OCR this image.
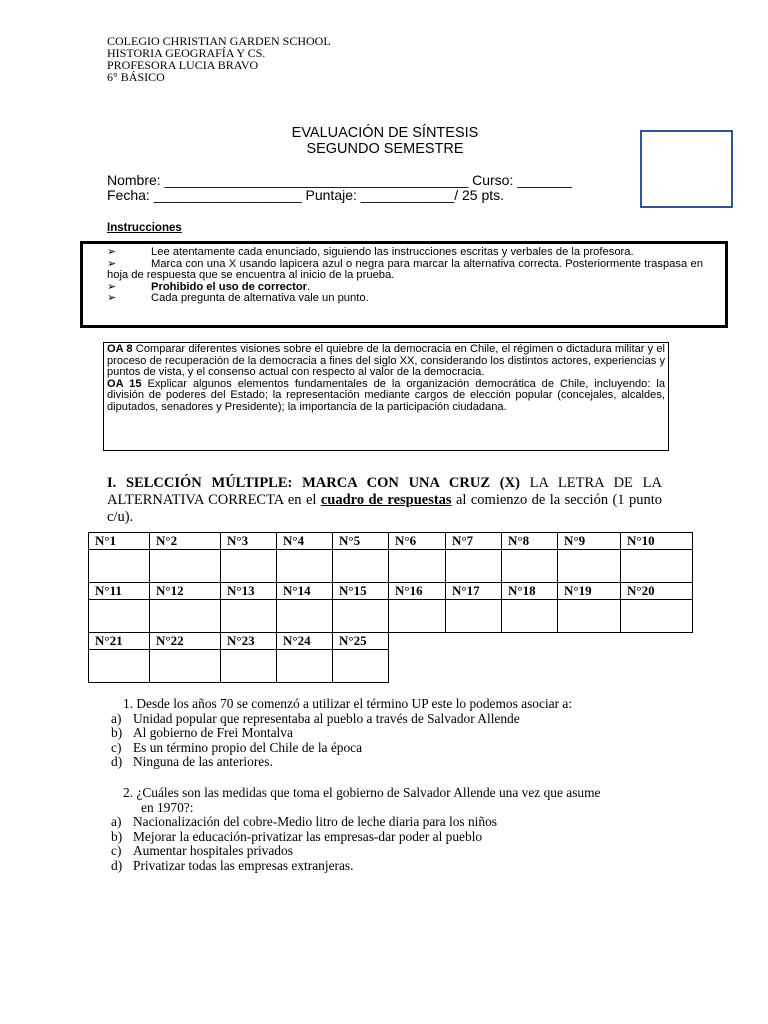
COLEGIO CHRISTIAN GARDEN SCHOOL
HISTORIA GEOGRAFÍA Y CS.
PROFESORA LUCIA BRAVO
6° BÁSICO
EVALUACIÓN DE SÍNTESIS
SEGUNDO SEMESTRE
Nombre: _______________________________________ Curso: _______
Fecha: ___________________ Puntaje: ____________/ 25 pts.
Instrucciones
➢	Lee atentamente cada enunciado, siguiendo las instrucciones escritas y verbales de la profesora.
➢	Marca con una X usando lapicera azul o negra para marcar la alternativa correcta. Posteriormente traspasa en hoja de respuesta que se encuentra al inicio de la prueba.
➢	Prohibido el uso de corrector.
➢	Cada pregunta de alternativa vale un punto.
OA 8 Comparar diferentes visiones sobre el quiebre de la democracia en Chile, el régimen o dictadura militar y el proceso de recuperación de la democracia a fines del siglo XX, considerando los distintos actores, experiencias y puntos de vista, y el consenso actual con respecto al valor de la democracia.
OA 15 Explicar algunos elementos fundamentales de la organización democrática de Chile, incluyendo: la división de poderes del Estado; la representación mediante cargos de elección popular (concejales, alcaldes, diputados, senadores y Presidente); la importancia de la participación ciudadana.
I. SELCCIÓN MÚLTIPLE: MARCA CON UNA CRUZ (X) LA LETRA DE LA ALTERNATIVA CORRECTA en el cuadro de respuestas al comienzo de la sección (1 punto c/u).
N°1	N°2	N°3	N°4	N°5	N°6	N°7	N°8	N°9	N°10

N°11	N°12	N°13	N°14	N°15	N°16	N°17	N°18	N°19	N°20

N°21	N°22	N°23	N°24	N°25					

1. Desde los años 70 se comenzó a utilizar el término UP este lo podemos asociar a:
a) Unidad popular que representaba al pueblo a través de Salvador Allende
b) Al gobierno de Frei Montalva
c) Es un término propio del Chile de la época
d) Ninguna de las anteriores.
2. ¿Cuáles son las medidas que toma el gobierno de Salvador Allende una vez que asume
en 1970?:
a) Nacionalización del cobre-Medio litro de leche diaria para los niños
b) Mejorar la educación-privatizar las empresas-dar poder al pueblo
c) Aumentar hospitales privados
d) Privatizar todas las empresas extranjeras.
